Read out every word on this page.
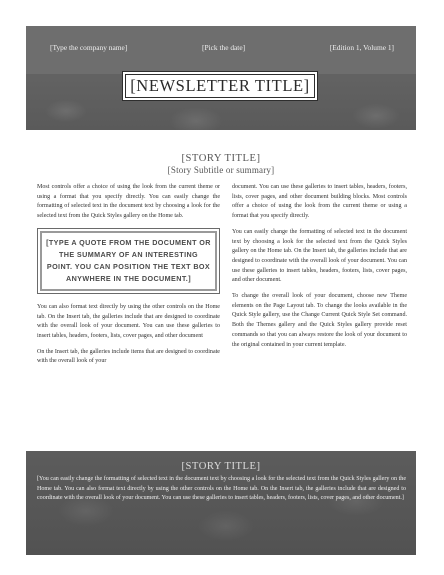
[Type the company name]	[Pick the date]	[Edition 1, Volume 1]
[NEWSLETTER TITLE]
[STORY TITLE]
[Story Subtitle or summary]

Most controls offer a choice of using the look from the current theme or using a format that you specify directly. You can easily change the formatting of selected text in the document text by choosing a look for the selected text from the Quick Styles gallery on the Home tab.

[TYPE A QUOTE FROM THE DOCUMENT OR THE SUMMARY OF AN INTERESTING POINT. YOU CAN POSITION THE TEXT BOX ANYWHERE IN THE DOCUMENT.]

You can also format text directly by using the other controls on the Home tab. On the Insert tab, the galleries include that are designed to coordinate with the overall look of your document. You can use these galleries to insert tables, headers, footers, lists, cover pages, and other document

On the Insert tab, the galleries include items that are designed to coordinate with the overall look of your

document. You can use these galleries to insert tables, headers, footers, lists, cover pages, and other document building blocks. Most controls offer a choice of using the look from the current theme or using a format that you specify directly.

You can easily change the formatting of selected text in the document text by choosing a look for the selected text from the Quick Styles gallery on the Home tab. On the Insert tab, the galleries include that are designed to coordinate with the overall look of your document. You can use these galleries to insert tables, headers, footers, lists, cover pages, and other document.

To change the overall look of your document, choose new Theme elements on the Page Layout tab. To change the looks available in the Quick Style gallery, use the Change Current Quick Style Set command. Both the Themes gallery and the Quick Styles gallery provide reset commands so that you can always restore the look of your document to the original contained in your current template.

[STORY TITLE]
[You can easily change the formatting of selected text in the document text by choosing a look for the selected text from the Quick Styles gallery on the Home tab. You can also format text directly by using the other controls on the Home tab. On the Insert tab, the galleries include that are designed to coordinate with the overall look of your document. You can use these galleries to insert tables, headers, footers, lists, cover pages, and other document.]
